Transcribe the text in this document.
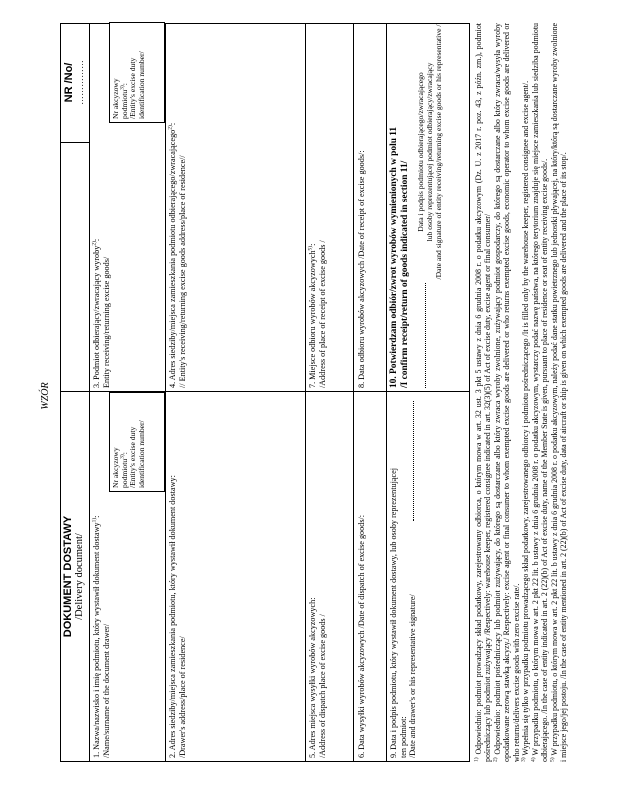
WZÓR
DOKUMENT DOSTAWY /Delivery document/
NR /No/ ……………
1. Nazwa/nazwisko i imię podmiotu, który wystawił dokument dostawy$^{1)}$:
/Name/surname of the document drawer/
Nr akcyzowy
podmiotu$^{3)}$:
/Entity's excise duty
identification number/
3. Podmiot odbierający/zwracający wyroby$^{2)}$:
Entity receiving/returning excise goods/
Nr akcyzowy
podmiotu$^{3)}$:
/Entity's excise duty
identification number/
2. Adres siedziby/miejsca zamieszkania podmiotu, który wystawił dokument dostawy:
/Drawer's address/place of residence/
4. Adres siedziby/miejsca zamieszkania podmiotu odbierającego/zwracającego$^{2)}$:
// Entity's receiving/returning excise goods address/place of residence//
5. Adres miejsca wysyłki wyrobów akcyzowych:
/Address of dispatch place of excise goods /
7. Miejsce odbioru wyrobów akcyzowych$^{5)}$:
/Address of place of receipt of excise goods /
6. Data wysyłki wyrobów akcyzowych /Date of dispatch of excise goods/:
8. Data odbioru wyrobów akcyzowych /Date of receipt of excise goods/:
9. Data i podpis podmiotu, który wystawił dokument dostawy, lub osoby reprezentującej ten podmiot:
/Date and drawer's or his representative signature/
10. Potwierdzam odbiór/zwrot wyrobów wymienionych w polu 11
/I confirm receipt/return of goods indicated in section 11/
Data i podpis podmiotu odbierającego/zwracającego
lub osoby reprezentującej podmiot odbierający/zwracający
/Date and signature of entity receiving/returning excise goods or his representative /

$^{1)}$ Odpowiednio: podmiot prowadzący skład podatkowy, zarejestrowany odbiorca, o którym mowa w art. 32 ust. 3 pkt 5 ustawy z dnia 6 grudnia 2008 r. o podatku akcyzowym (Dz. U. z 2017 r. poz. 43, z późn. zm.), podmiot pośredniczący lub podmiot zużywający /Respectively: warehouse keeper, registered consignee indicated in art. 32(3)(5) of Act of excise duty, excise agent or final consumer/ $^{2)}$ Odpowiednio: podmiot pośredniczący lub podmiot zużywający, do którego są dostarczane albo który zwraca wyroby zwolnione, zużywający podmiot gospodarczy, do którego są dostarczane albo który zwraca/wysyła wyroby opodatkowane zerową stawką akcyzy./ Respectively: excise agent or final consumer to whom exempted excise goods are delivered or who returns exempted excise goods, economic operator to whom excise goods are delivered or who returns/delivers excise goods with zero excise rate/. $^{3)}$ Wypełnia się tylko w przypadku podmiotu prowadzącego skład podatkowy, zarejestrowanego odbiorcy i podmiotu pośredniczącego /It is filled only by the warehouse keeper, registered consignee and excise agent/.

$^{4)}$ W przypadku podmiotu, o którym mowa w art. 2 pkt 22 lit. b ustawy z dnia 6 grudnia 2008 r. o podatku akcyzowym, wystarczy podać nazwę państwa, na którego terytorium znajduje się miejsce zamieszkania lub siedziba podmiotu odbierającego. /In the case of entity indicated in art. 2 (22)(b) of Act of excise duty, name of the Member State is given, pursuant to place of residence or seat of entity receiving excise goods/. $^{5)}$ W przypadku podmiotu, o którym mowa w art. 2 pkt 22 lit. b ustawy z dnia 6 grudnia 2008 r. o podatku akcyzowym, należy podać dane statku powietrznego lub jednostki pływającej, na który/którą są dostarczane wyroby zwolnione i miejsce jego/jej postoju. /In the case of entity mentioned in art. 2 (22)(b) of Act of excise duty, data of aircraft or ship is given on which exempted goods are delivered and the place of its stop/.
